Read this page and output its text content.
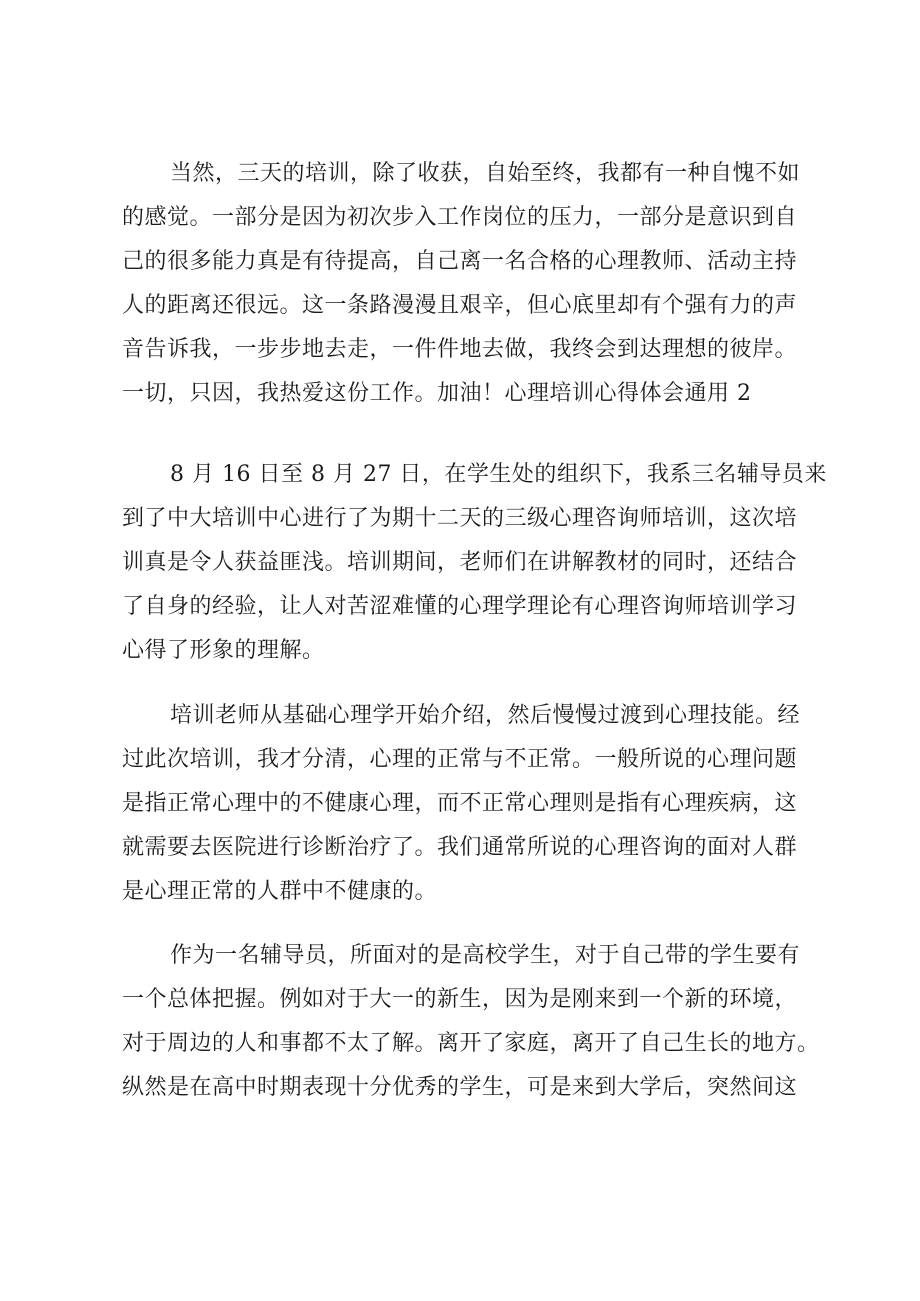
当然，三天的培训，除了收获，自始至终，我都有一种自愧不如
的感觉。一部分是因为初次步入工作岗位的压力，一部分是意识到自
己的很多能力真是有待提高，自己离一名合格的心理教师、活动主持
人的距离还很远。这一条路漫漫且艰辛，但心底里却有个强有力的声
音告诉我，一步步地去走，一件件地去做，我终会到达理想的彼岸。
一切，只因，我热爱这份工作。加油！心理培训心得体会通用 2
8 月 16 日至 8 月 27 日，在学生处的组织下，我系三名辅导员来
到了中大培训中心进行了为期十二天的三级心理咨询师培训，这次培
训真是令人获益匪浅。培训期间，老师们在讲解教材的同时，还结合
了自身的经验，让人对苦涩难懂的心理学理论有心理咨询师培训学习
心得了形象的理解。
培训老师从基础心理学开始介绍，然后慢慢过渡到心理技能。经
过此次培训，我才分清，心理的正常与不正常。一般所说的心理问题
是指正常心理中的不健康心理，而不正常心理则是指有心理疾病，这
就需要去医院进行诊断治疗了。我们通常所说的心理咨询的面对人群
是心理正常的人群中不健康的。
作为一名辅导员，所面对的是高校学生，对于自己带的学生要有
一个总体把握。例如对于大一的新生，因为是刚来到一个新的环境，
对于周边的人和事都不太了解。离开了家庭，离开了自己生长的地方。
纵然是在高中时期表现十分优秀的学生，可是来到大学后，突然间这
